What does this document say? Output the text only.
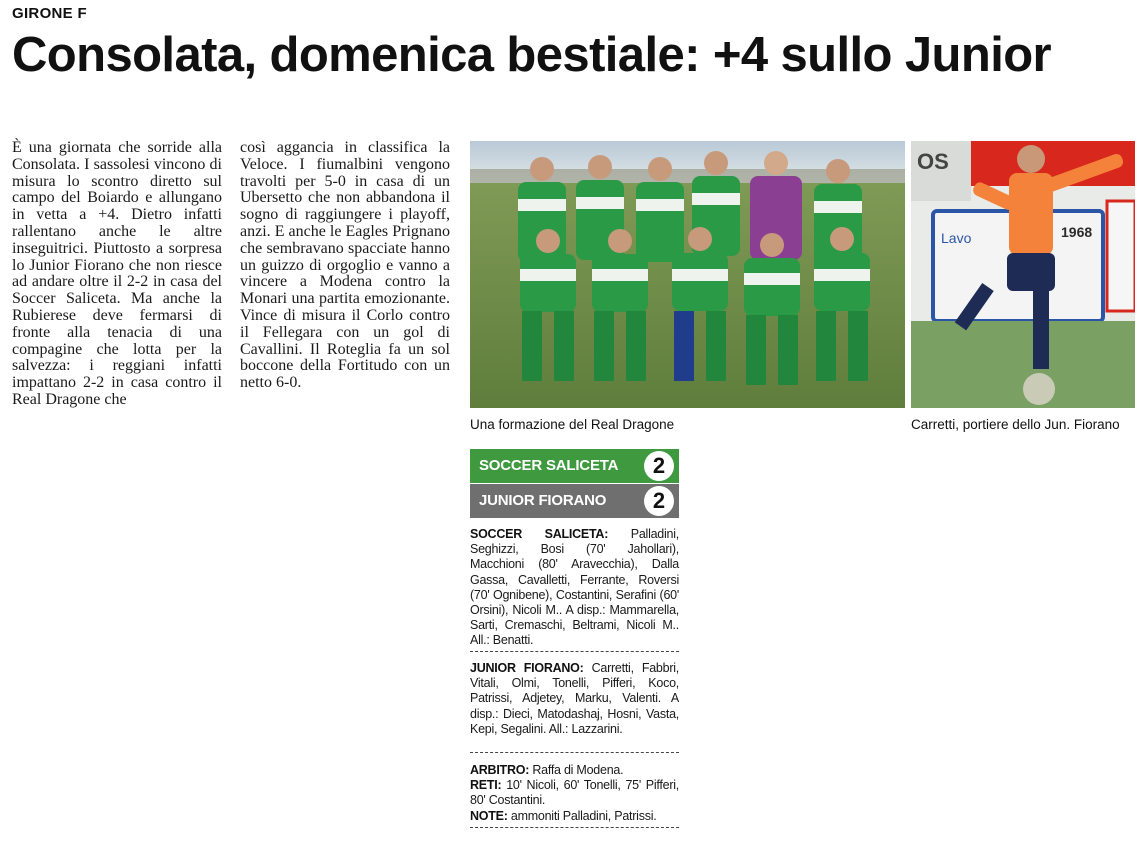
GIRONE F
Consolata, domenica bestiale: +4 sullo Junior
È una giornata che sorride alla Consolata. I sassolesi vincono di misura lo scontro diretto sul campo del Boiardo e allungano in vetta a +4. Dietro infatti rallentano anche le altre inseguitrici. Piuttosto a sorpresa lo Junior Fiorano che non riesce ad andare oltre il 2-2 in casa del Soccer Saliceta. Ma anche la Rubierese deve fermarsi di fronte alla tenacia di una compagine che lotta per la salvezza: i reggiani infatti impattano 2-2 in casa contro il Real Dragone che
così aggancia in classifica la Veloce. I fiumalbini vengono travolti per 5-0 in casa di un Ubersetto che non abbandona il sogno di raggiungere i playoff, anzi. E anche le Eagles Prignano che sembravano spacciate hanno un guizzo di orgoglio e vanno a vincere a Modena contro la Monari una partita emozionante. Vince di misura il Corlo contro il Fellegara con un gol di Cavallini. Il Roteglia fa un sol boccone della Fortitudo con un netto 6-0.
Una formazione del Real Dragone
OS
Lavo	1968
Carretti, portiere dello Jun. Fiorano
SOCCER SALICETA	2
JUNIOR FIORANO	2
SOCCER SALICETA: Palladini, Seghizzi, Bosi (70' Jahollari), Macchioni (80' Aravecchia), Dalla Gassa, Cavalletti, Ferrante, Roversi (70' Ognibene), Costantini, Serafini (60' Orsini), Nicoli M.. A disp.: Mammarella, Sarti, Cremaschi, Beltrami, Nicoli M.. All.: Benatti.
JUNIOR FIORANO: Carretti, Fabbri, Vitali, Olmi, Tonelli, Pifferi, Koco, Patrissi, Adjetey, Marku, Valenti. A disp.: Dieci, Matodashaj, Hosni, Vasta, Kepi, Segalini. All.: Lazzarini.
ARBITRO: Raffa di Modena.
RETI: 10' Nicoli, 60' Tonelli, 75' Pifferi, 80' Costantini.
NOTE: ammoniti Palladini, Patrissi.
